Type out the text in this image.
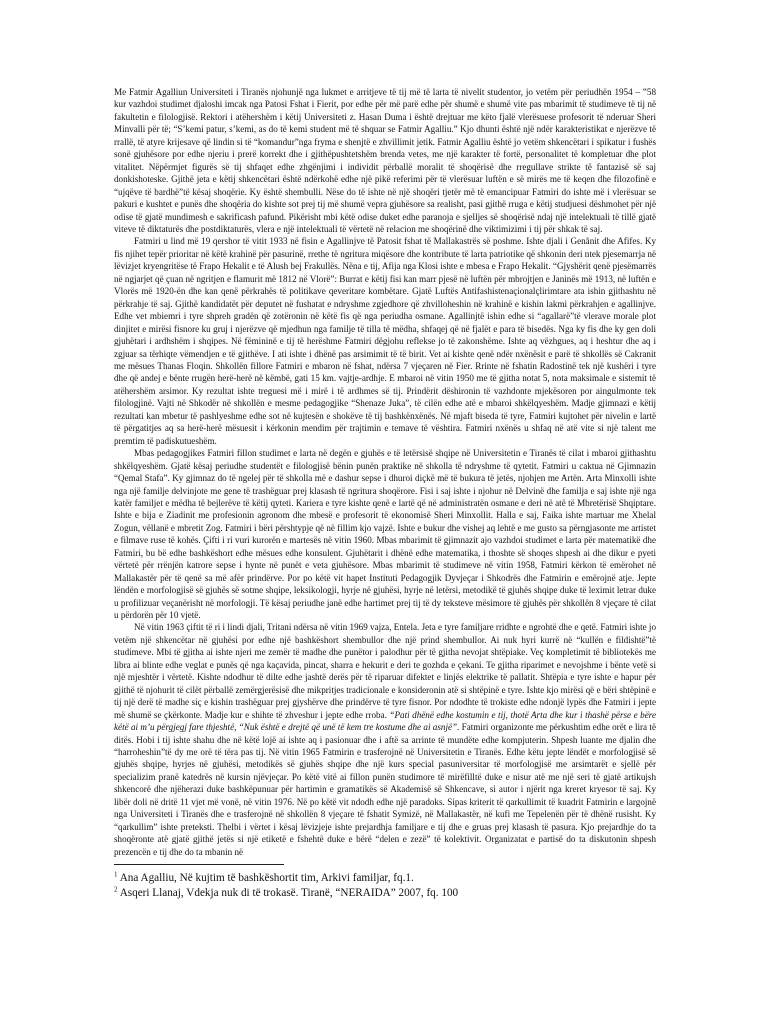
Me Fatmir Agalliun Universiteti i Tiranës njohunjë nga lukmet e arritjeve të tij më të larta të nivelit studentor, jo vetëm për periudhën 1954 – ‟58 kur vazhdoi studimet djaloshi imcak nga Patosi Fshat i Fierit, por edhe për më parë edhe për shumë e shumë vite pas mbarimit të studimeve të tij në fakultetin e filologjisë. Rektori i atëhershëm i këtij Universiteti z. Hasan Duma i është drejtuar me këto fjalë vlerësuese profesorit të nderuar Sheri Minvalli për të; “S’kemi patur, s’kemi, as do të kemi student më të shquar se Fatmir Agalliu.” Kjo dhunti është një ndër karakteristikat e njerëzve të rrallë, të atyre krijesave që lindin si të “komandur”nga fryma e shenjtë e zhvillimit jetik. Fatmir Agalliu është jo vetëm shkencëtari i spikatur i fushës sonë gjuhësore por edhe njeriu i prerë korrekt dhe i gjithëpushtetshëm brenda vetes, me një karakter të fortë, personalitet të kompletuar dhe plot vitalitet. Nëpërmjet figurës së tij shfaqet edhe zhgënjimi i individit përballë moralit të shoqërisë dhe rregullave strikte të fantazisë së saj donkishoteske. Gjithë jeta e këtij shkencëtari është ndërkohë edhe një pikë referimi për të vlerësuar luftën e së mirës me të keqen dhe filozofinë e “ujqëve të bardhë”të kësaj shoqërie. Ky është shembulli. Nëse do të ishte në një shoqëri tjetër më të emancipuar Fatmiri do ishte më i vlerësuar se pakuri e kushtet e punës dhe shoqëria do kishte sot prej tij më shumë vepra gjuhësore sa realisht, pasi gjithë rruga e këtij studjuesi dëshmohet për një odise të gjatë mundimesh e sakrificash pafund. Pikërisht mbi këtë odise duket edhe paranoja e sjelljes së shoqërisë ndaj një intelektuali të tillë gjatë viteve të diktaturës dhe postdiktaturës, vlera e një intelektuali të vërtetë në relacion me shoqërinë dhe viktimizimi i tij për shkak të saj.

Fatmiri u lind më 19 qershor të vitit 1933 në fisin e Agallinjve të Patosit fshat të Mallakastrës së poshme. Ishte djali i Genãnit dhe Afifes. Ky fis njihet tepër prioritar në këtë krahinë për pasurinë, rrethe të ngritura miqësore dhe kontribute të larta patriotike që shkonin deri ntek pjesemarrja në lëvizjet kryengritëse të Frapo Hekalit e të Alush bej Frakullës. Nëna e tij, Afija nga Klosi ishte e mbesa e Frapo Hekalit. “Gjyshërit qenë pjesëmarrës në ngjarjet që çuan në ngritjen e flamurit më 1812 në Vlorë”: Burrat e këtij fisi kan marr pjesë në luftën për mbrojtjen e Janinës më 1913, në luftën e Vlorës më 1920-ën dhe kan qenë përkrahës të politikave qeveritare kombëtare. Gjatë Luftës Antifashistenaçionalçlirimtare ata ishin gjithashtu në përkrahje të saj. Gjithë kandidatët për deputet në fushatat e ndryshme zgjedhore që zhvilloheshin në krahinë e kishin lakmi përkrahjen e agallinjve. Edhe vet mbiemri i tyre shpreh gradën që zotëronin në këtë fis që nga periudha osmane. Agallinjtë ishin edhe si “agallarë”të vlerave morale plot dinjitet e mirësi fisnore ku gruj i njerëzve që mjedhun nga familje të tilla të mëdha, shfaqej që në fjalët e para të bisedës. Nga ky fis dhe ky gen doli gjuhëtari i ardhshëm i shqipes. Në fëmininë e tij të herëshme Fatmiri dëgjohu reflekse jo të zakonshëme. Ishte aq vëzhgues, aq i heshtur dhe aq i zgjuar sa tërhiqte vëmendjen e të gjithëve. I ati ishte i dhënë pas arsimimit të të birit. Vet ai kishte qenë ndër nxënësit e parë të shkollës së Cakranit me mësues Thanas Floqin. Shkollën fillore Fatmiri e mbaron në fshat, ndërsa 7 vjeçaren në Fier. Rrinte në fshatin Radostinë tek një kushëri i tyre dhe që andej e bënte rrugën herë-herë në këmbë, gati 15 km. vajtje-ardhje. E mbaroi në vitin 1950 me të gjitha notat 5, nota maksimale e sistemit të atëhershëm arsimor. Ky rezultat ishte treguesi më i mirë i të ardhmes së tij. Prindërit dëshironin të vazhdonte mjekësoren por aingulmonte tek filologjinë. Vajti në Shkodër në shkollën e mesme pedagogjike “Shenaze Juka”, të cilën edhe atë e mbaroi shkëlqyeshëm. Madje gjimnazi e këtij rezultati kan mbetur të pashlyeshme edhe sot në kujtesën e shokëve të tij bashkënxënës. Në mjaft biseda të tyre, Fatmiri kujtohet për nivelin e lartë të përgatitjes aq sa herë-herë mësuesit i kërkonin mendim për trajtimin e temave të vështira. Fatmiri nxënës u shfaq në atë vite si një talent me premtim të padiskutueshëm.

Mbas pedagogjikes Fatmiri fillon studimet e larta në degën e gjuhës e të letërsisë shqipe në Universitetin e Tiranës të cilat i mbaroi gjithashtu shkëlqyeshëm. Gjatë kësaj periudhe studentët e filologjisë bënin punën praktike në shkolla të ndryshme të qytetit. Fatmiri u caktua në Gjimnazin “Qemal Stafa”. Ky gjimnaz do të ngelej për të shkolla më e dashur sepse i dhuroi diçkë më të bukura të jetës, njohjen me Artën. Arta Minxolli ishte nga një familje delvinjote me gene të trashëguar prej klasash të ngritura shoqërore. Fisi i saj ishte i njohur në Delvinë dhe familja e saj ishte një nga katër familjet e mëdha të bejlerëve të këtij qyteti. Kariera e tyre kishte qenë e lartë që në administratën osmane e deri në atë të Mbretërisë Shqiptare. Ishte e bija e Ziadinit me profesionin agronom dhe mbesë e profesorit të ekonomisë Sheri Minxollit. Halla e saj, Faika ishte martuar me Xhelal Zogun, vëllanë e mbretit Zog. Fatmiri i bëri përshtypje që në fillim kjo vajzë. Ishte e bukur dhe vishej aq lehtë e me gusto sa përngjasonte me artistet e filmave ruse të kohës. Çifti i ri vuri kurorën e martesës në vitin 1960. Mbas mbarimit të gjimnazit ajo vazhdoi studimet e larta për matematikë dhe Fatmiri, bu bë edhe bashkëshort edhe mësues edhe konsulent. Gjuhëtarit i dhënë edhe matematika, i thoshte së shoqes shpesh ai dhe dikur e pyeti vërtetë për rrënjën katrore sepse i hynte në punët e veta gjuhësore. Mbas mbarimit të studimeve në vitin 1958, Fatmiri kërkon të emërohet në Mallakastër për të qenë sa më afër prindërve. Por po këtë vit hapet Instituti Pedagogjik Dyvjeçar i Shkodrës dhe Fatmirin e emërojnë atje. Jepte lëndën e morfologjisë së gjuhës së sotme shqipe, leksikologji, hyrje në gjuhësi, hyrje në letërsi, metodikë të gjuhës shqipe duke të leximit letrar duke u profilizuar veçanërisht në morfologji. Të kësaj periudhe janë edhe hartimet prej tij të dy teksteve mësimore të gjuhës për shkollën 8 vjeçare të cilat u përdorën për 10 vjetë.

Në vitin 1963 çiftit të ri i lindi djali, Tritani ndërsa në vitin 1969 vajza, Entela. Jeta e tyre familjare rridhte e ngrohtë dhe e qetë. Fatmiri ishte jo vetëm një shkencëtar në gjuhësi por edhe një bashkëshort shembullor dhe një prind shembullor. Ai nuk hyri kurrë në “kullën e fildishtë”të studimeve. Mbi të gjitha ai ishte njeri me zemër të madhe dhe punëtor i palodhur për të gjitha nevojat shtëpiake. Veç kompletimit të bibliotekës me libra ai blinte edhe veglat e punës që nga kaçavida, pincat, sharra e hekurit e deri te gozhda e çekani. Te gjitha riparimet e nevojshme i bënte vetë si një mjeshtër i vërtetë. Kishte ndodhur të dilte edhe jashtë derës për të riparuar difektet e linjës elektrike të pallatit. Shtëpia e tyre ishte e hapur për gjithë të njohurit të cilët përballë zemërgjerësisë dhe mikpritjes tradicionale e konsideronin atë si shtëpinë e tyre. Ishte kjo mirësi që e bëri shtëpinë e tij një derë të madhe siç e kishin trashëguar prej gjyshërve dhe prindërve të tyre fisnor. Por ndodhte të trokiste edhe ndonjë lypës dhe Fatmiri i jepte më shumë se çkërkonte. Madje kur e shihte të zhveshur i jepte edhe rroba. “Pati dhënë edhe kostumin e tij, thotë Arta dhe kur i thashë përse e bëre këtë ai m’u përgjegj fare thjeshtë, “Nuk është e drejtë që unë të kem tre kostume dhe ai asnjë”. Fatmiri organizonte me përkushtim edhe orët e lira të ditës. Hobi i tij ishte shahu dhe në këtë lojë ai ishte aq i pasionuar dhe i aftë sa arrinte të mundëte edhe kompjuterin. Shpesh luante me djalin dhe “harroheshin”të dy me orë të tëra pas tij. Në vitin 1965 Fatmirin e trasferojnë në Universitetin e Tiranës. Edhe këtu jepte lëndët e morfologjisë së gjuhës shqipe, hyrjes në gjuhësi, metodikës së gjuhës shqipe dhe një kurs special pasuniversitar të morfologjisë me arsimtarët e sjellë për specializim pranë katedrës në kursin njëvjeçar. Po këtë vitë ai fillon punën studimore të mirëfilltë duke e nisur atë me një seri të gjatë artikujsh shkencorë dhe njëherazi duke bashkëpunuar për hartimin e gramatikës së Akademisë së Shkencave, si autor i njërit nga kreret kryesor të saj. Ky libër doli në dritë 11 vjet më vonë, në vitin 1976. Në po këtë vit ndodh edhe një paradoks. Sipas kriterit të qarkullimit të kuadrit Fatmirin e largojnë nga Universiteti i Tiranës dhe e trasferojnë në shkollën 8 vjeçare të fshatit Symizë, në Mallakastër, në kufi me Tepelenën për të dhënë rusisht. Ky “qarkullim” ishte preteksti. Thelbi i vërtet i kësaj lëvizjeje ishte prejardhja familjare e tij dhe e gruas prej klasash të pasura. Kjo prejardhje do ta shoqëronte atë gjatë gjithë jetës si një etiketë e fshehtë duke e bërë “delen e zezë” të kolektivit. Organizatat e partisë do ta diskutonin shpesh prezencën e tij dhe do ta mbanin në

$^1$ Ana Agalliu, Në kujtim të bashkëshortit tim, Arkivi familjar, fq.1.
$^2$ Asqeri Llanaj, Vdekja nuk di të trokasë. Tiranë, “NERAIDA” 2007, fq. 100
